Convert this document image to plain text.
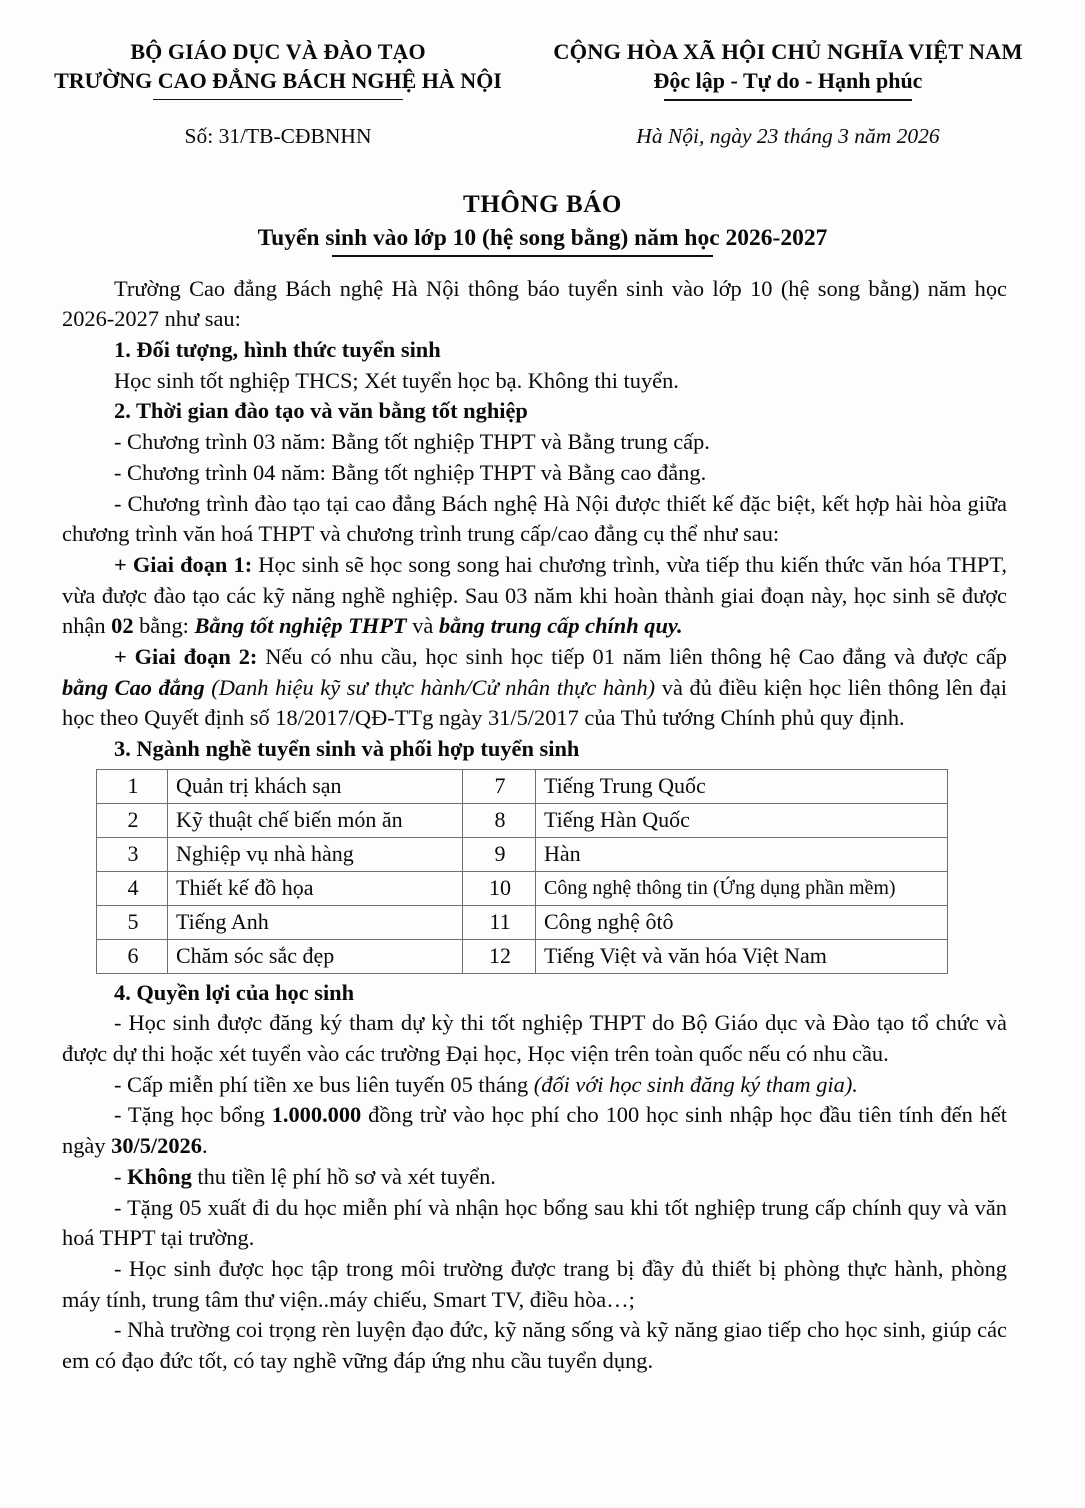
BỘ GIÁO DỤC VÀ ĐÀO TẠO
TRƯỜNG CAO ĐẲNG BÁCH NGHỆ HÀ NỘI
CỘNG HÒA XÃ HỘI CHỦ NGHĨA VIỆT NAM
Độc lập - Tự do - Hạnh phúc
Số: 31/TB-CĐBNHN	Hà Nội, ngày 23 tháng 3 năm 2026
THÔNG BÁO
Tuyển sinh vào lớp 10 (hệ song bằng) năm học 2026-2027

Trường Cao đẳng Bách nghệ Hà Nội thông báo tuyển sinh vào lớp 10 (hệ song bằng) năm học 2026-2027 như sau:

1. Đối tượng, hình thức tuyển sinh

Học sinh tốt nghiệp THCS; Xét tuyển học bạ. Không thi tuyển.

2. Thời gian đào tạo và văn bằng tốt nghiệp

- Chương trình 03 năm: Bằng tốt nghiệp THPT và Bằng trung cấp.

- Chương trình 04 năm: Bằng tốt nghiệp THPT và Bằng cao đẳng.

- Chương trình đào tạo tại cao đẳng Bách nghệ Hà Nội được thiết kế đặc biệt, kết hợp hài hòa giữa chương trình văn hoá THPT và chương trình trung cấp/cao đẳng cụ thể như sau:

+ Giai đoạn 1: Học sinh sẽ học song song hai chương trình, vừa tiếp thu kiến thức văn hóa THPT, vừa được đào tạo các kỹ năng nghề nghiệp. Sau 03 năm khi hoàn thành giai đoạn này, học sinh sẽ được nhận 02 bằng: Bằng tốt nghiệp THPT và bằng trung cấp chính quy.

+ Giai đoạn 2: Nếu có nhu cầu, học sinh học tiếp 01 năm liên thông hệ Cao đẳng và được cấp bằng Cao đẳng (Danh hiệu kỹ sư thực hành/Cử nhân thực hành) và đủ điều kiện học liên thông lên đại học theo Quyết định số 18/2017/QĐ-TTg ngày 31/5/2017 của Thủ tướng Chính phủ quy định.

3. Ngành nghề tuyển sinh và phối hợp tuyển sinh

1	Quản trị khách sạn	7	Tiếng Trung Quốc
2	Kỹ thuật chế biến món ăn	8	Tiếng Hàn Quốc
3	Nghiệp vụ nhà hàng	9	Hàn
4	Thiết kế đồ họa	10	Công nghệ thông tin (Ứng dụng phần mềm)
5	Tiếng Anh	11	Công nghệ ôtô
6	Chăm sóc sắc đẹp	12	Tiếng Việt và văn hóa Việt Nam

4. Quyền lợi của học sinh

- Học sinh được đăng ký tham dự kỳ thi tốt nghiệp THPT do Bộ Giáo dục và Đào tạo tổ chức và được dự thi hoặc xét tuyển vào các trường Đại học, Học viện trên toàn quốc nếu có nhu cầu.

- Cấp miễn phí tiền xe bus liên tuyến 05 tháng (đối với học sinh đăng ký tham gia).

- Tặng học bổng 1.000.000 đồng trừ vào học phí cho 100 học sinh nhập học đầu tiên tính đến hết ngày 30/5/2026.

- Không thu tiền lệ phí hồ sơ và xét tuyển.

- Tặng 05 xuất đi du học miễn phí và nhận học bổng sau khi tốt nghiệp trung cấp chính quy và văn hoá THPT tại trường.

- Học sinh được học tập trong môi trường được trang bị đầy đủ thiết bị phòng thực hành, phòng máy tính, trung tâm thư viện..máy chiếu, Smart TV, điều hòa…;

- Nhà trường coi trọng rèn luyện đạo đức, kỹ năng sống và kỹ năng giao tiếp cho học sinh, giúp các em có đạo đức tốt, có tay nghề vững đáp ứng nhu cầu tuyển dụng.
